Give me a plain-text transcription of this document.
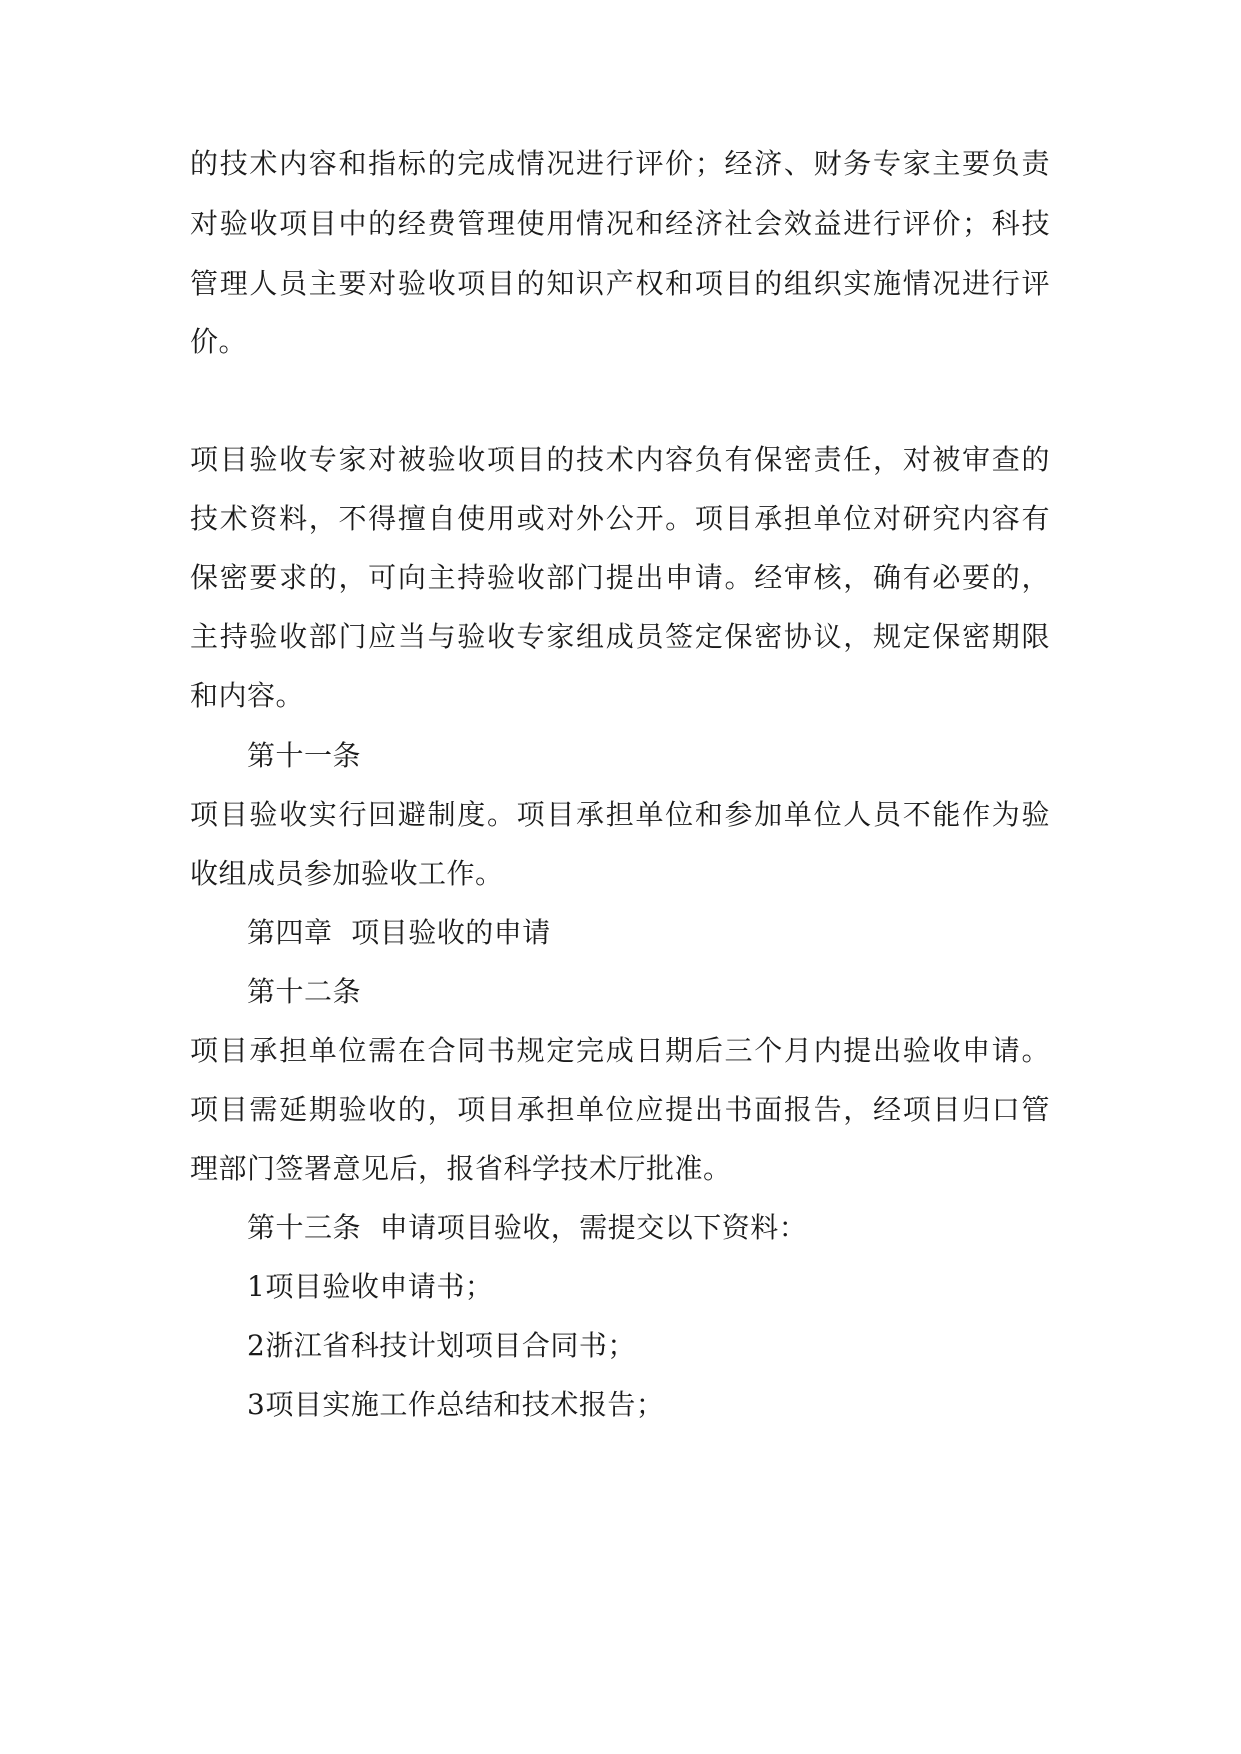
的技术内容和指标的完成情况进行评价；经济、财务专家主要负责
对验收项目中的经费管理使用情况和经济社会效益进行评价；科技
管理人员主要对验收项目的知识产权和项目的组织实施情况进行评
价。
项目验收专家对被验收项目的技术内容负有保密责任，对被审查的
技术资料，不得擅自使用或对外公开。项目承担单位对研究内容有
保密要求的，可向主持验收部门提出申请。经审核，确有必要的，
主持验收部门应当与验收专家组成员签定保密协议，规定保密期限
和内容。
第十一条
项目验收实行回避制度。项目承担单位和参加单位人员不能作为验
收组成员参加验收工作。
第四章  项目验收的申请
第十二条
项目承担单位需在合同书规定完成日期后三个月内提出验收申请。
项目需延期验收的，项目承担单位应提出书面报告，经项目归口管
理部门签署意见后，报省科学技术厅批准。
第十三条  申请项目验收，需提交以下资料：
1项目验收申请书；
2浙江省科技计划项目合同书；
3项目实施工作总结和技术报告；
